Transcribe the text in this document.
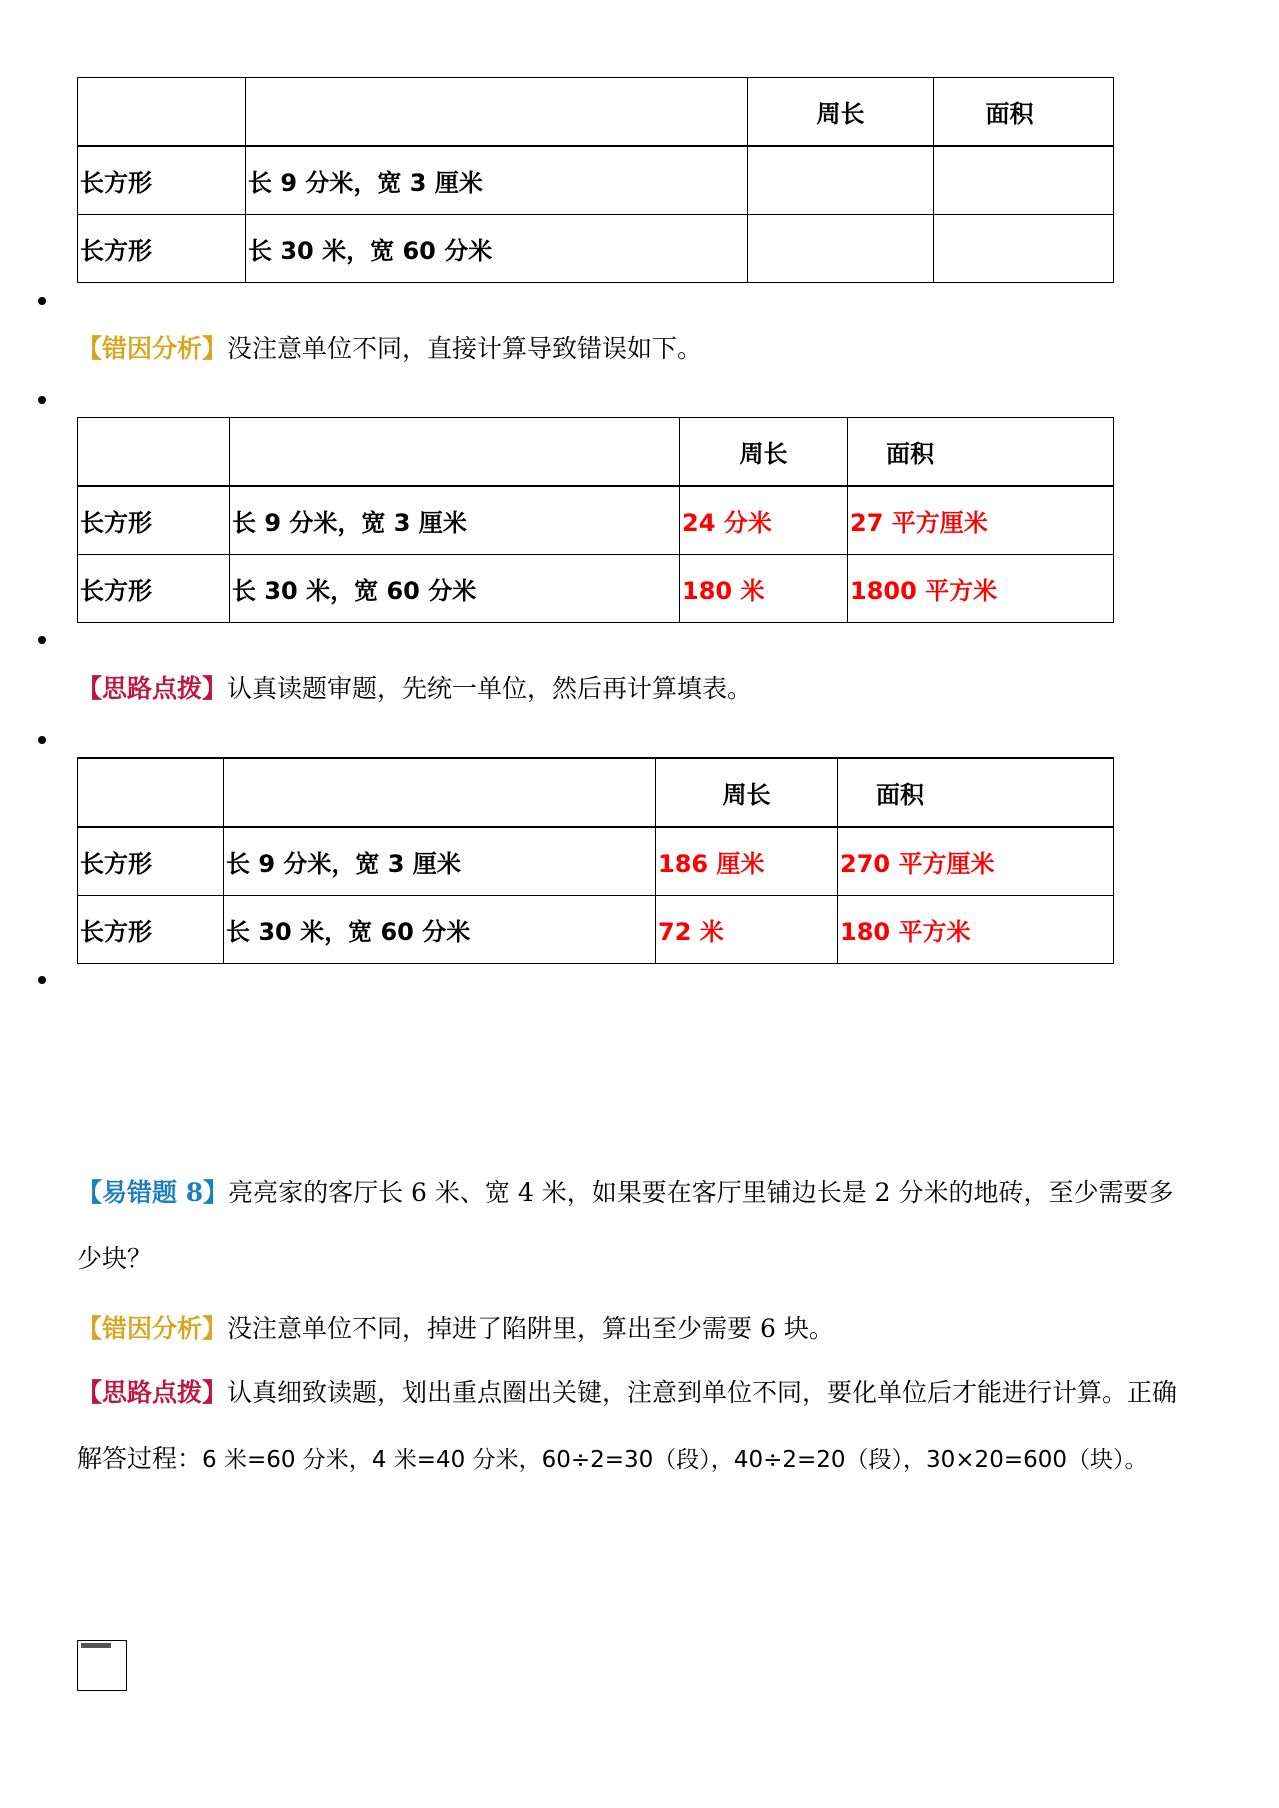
		周长	面积
长方形	长 9 分米，宽 3 厘米		
长方形	长 30 米，宽 60 分米		

【错因分析】没注意单位不同，直接计算导致错误如下。

		周长	面积
长方形	长 9 分米，宽 3 厘米	24 分米	27 平方厘米
长方形	长 30 米，宽 60 分米	180 米	1800 平方米

【思路点拨】认真读题审题，先统一单位，然后再计算填表。

		周长	面积
长方形	长 9 分米，宽 3 厘米	186 厘米	270 平方厘米
长方形	长 30 米，宽 60 分米	72 米	180 平方米

【易错题 8】亮亮家的客厅长 6 米、宽 4 米，如果要在客厅里铺边长是 2 分米的地砖，至少需要多少块？

【错因分析】没注意单位不同，掉进了陷阱里，算出至少需要 6 块。

【思路点拨】认真细致读题，划出重点圈出关键，注意到单位不同，要化单位后才能进行计算。正确解答过程：6 米=60 分米，4 米=40 分米，60÷2=30（段），40÷2=20（段），30×20=600（块）。
